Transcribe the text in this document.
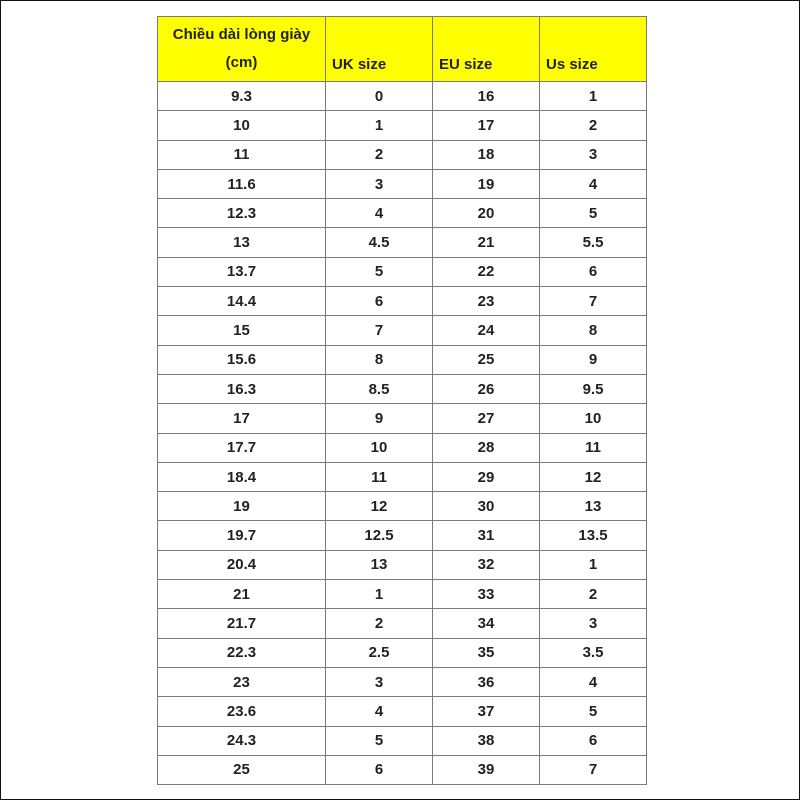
Chiều dài lòng giày
(cm)	UK size	EU size	Us size
9.3	0	16	1
10	1	17	2
11	2	18	3
11.6	3	19	4
12.3	4	20	5
13	4.5	21	5.5
13.7	5	22	6
14.4	6	23	7
15	7	24	8
15.6	8	25	9
16.3	8.5	26	9.5
17	9	27	10
17.7	10	28	11
18.4	11	29	12
19	12	30	13
19.7	12.5	31	13.5
20.4	13	32	1
21	1	33	2
21.7	2	34	3
22.3	2.5	35	3.5
23	3	36	4
23.6	4	37	5
24.3	5	38	6
25	6	39	7
